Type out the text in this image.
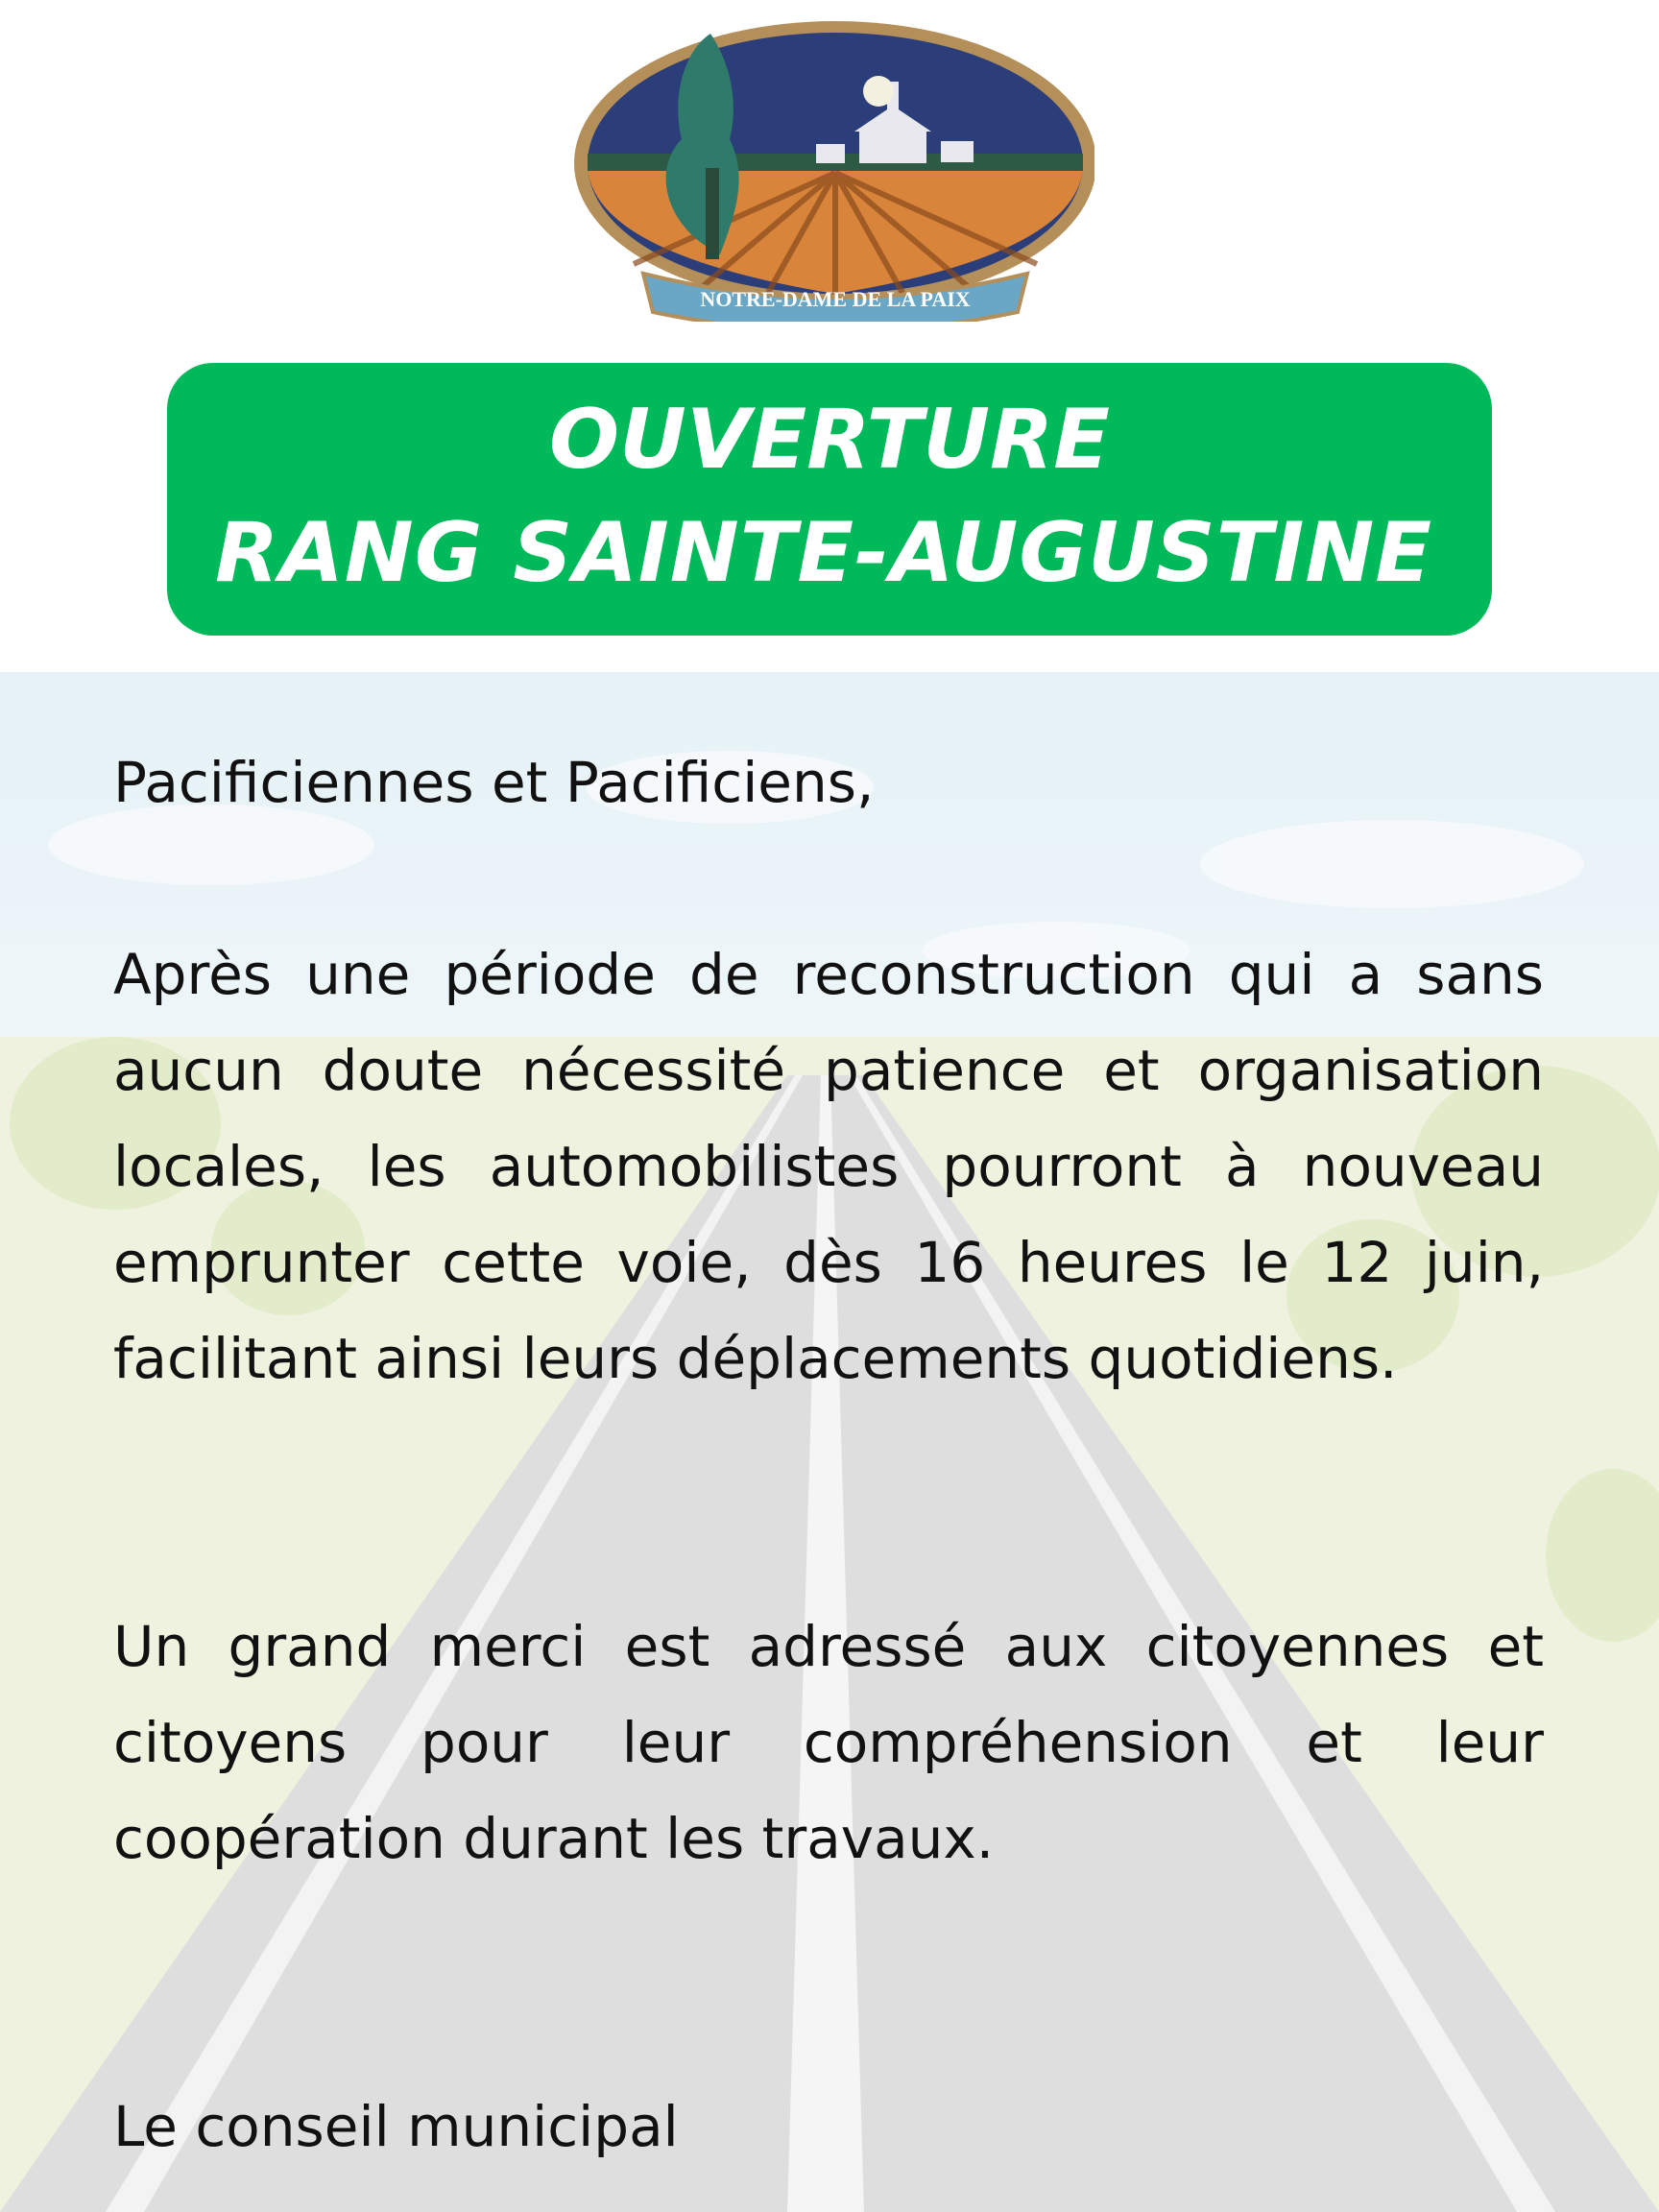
NOTRE-DAME DE LA PAIX
OUVERTURE
RANG SAINTE-AUGUSTINE
Pacificiennes et Pacificiens,
Après une période de reconstruction qui a sans aucun doute nécessité patience et organisation locales, les automobilistes pourront à nouveau emprunter cette voie, dès 16 heures le 12 juin, facilitant ainsi leurs déplacements quotidiens.
Un grand merci est adressé aux citoyennes et citoyens pour leur compréhension et leur coopération durant les travaux.
Le conseil municipal
